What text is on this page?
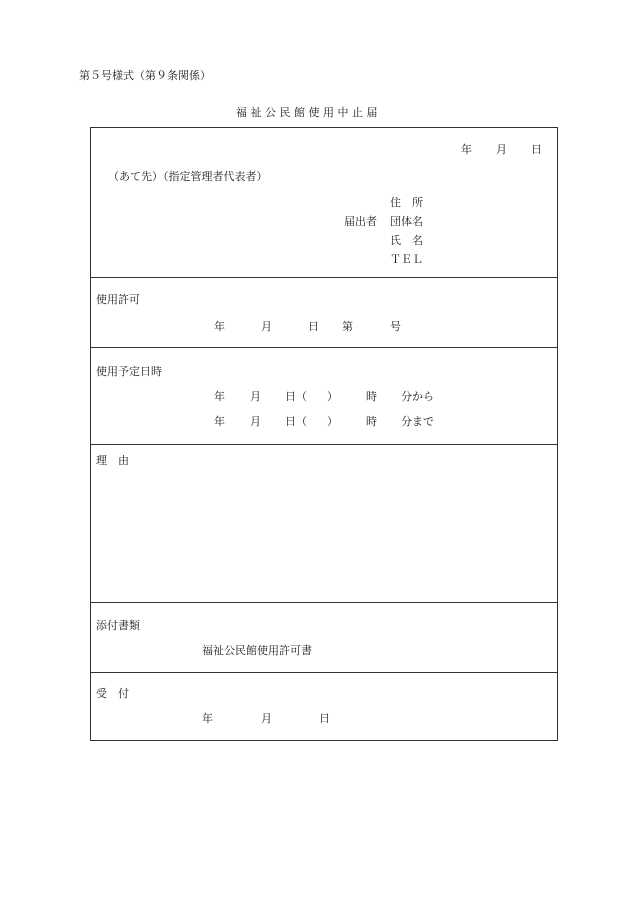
第５号様式（第９条関係）
福 祉 公 民 館 使 用 中 止 届
年 月 日
（あて先）（指定管理者代表者）
住　所
届出者 団体名
氏　名
ＴＥＬ
使用許可
年	月	日 第	号
使用予定日時
年 月 日（ ）	時 分から
年 月 日（ ）	時 分まで
理　由
添付書類
福祉公民館使用許可書
受　付
年	月	日
